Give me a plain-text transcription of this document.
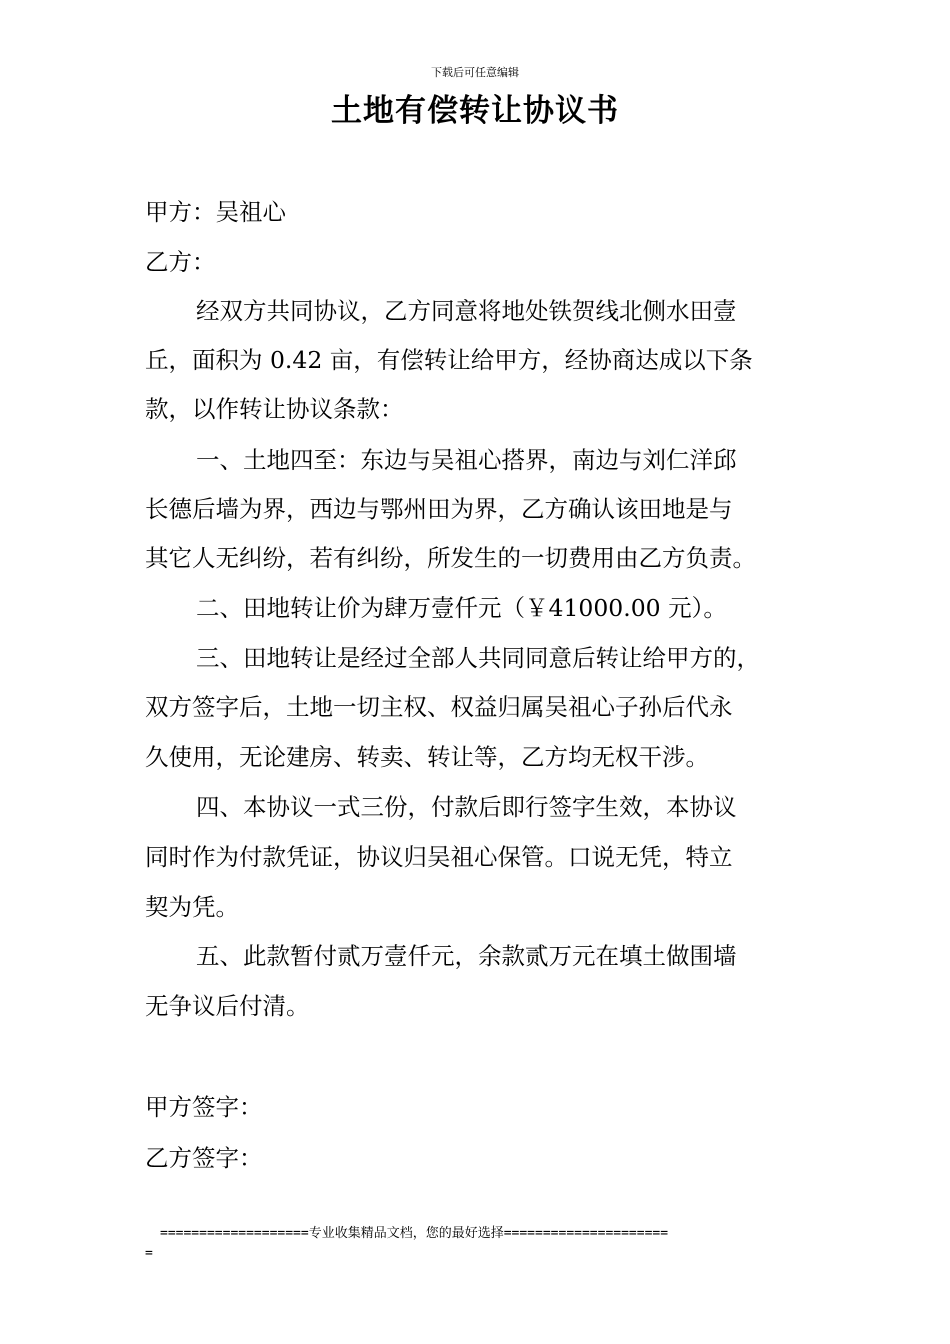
下载后可任意编辑
土地有偿转让协议书
甲方：吴祖心
乙方：
经双方共同协议，乙方同意将地处铁贺线北侧水田壹
丘，面积为 0.42 亩，有偿转让给甲方，经协商达成以下条
款，以作转让协议条款：
一、土地四至：东边与吴祖心搭界，南边与刘仁洋邱
长德后墙为界，西边与鄂州田为界，乙方确认该田地是与
其它人无纠纷，若有纠纷，所发生的一切费用由乙方负责。
二、田地转让价为肆万壹仟元（￥41000.00 元）。
三、田地转让是经过全部人共同同意后转让给甲方的，
双方签字后，土地一切主权、权益归属吴祖心子孙后代永
久使用，无论建房、转卖、转让等，乙方均无权干涉。
四、本协议一式三份，付款后即行签字生效，本协议
同时作为付款凭证，协议归吴祖心保管。口说无凭，特立
契为凭。
五、此款暂付贰万壹仟元，余款贰万元在填土做围墙
无争议后付清。
甲方签字：
乙方签字：
===================专业收集精品文档，您的最好选择=====================
=
